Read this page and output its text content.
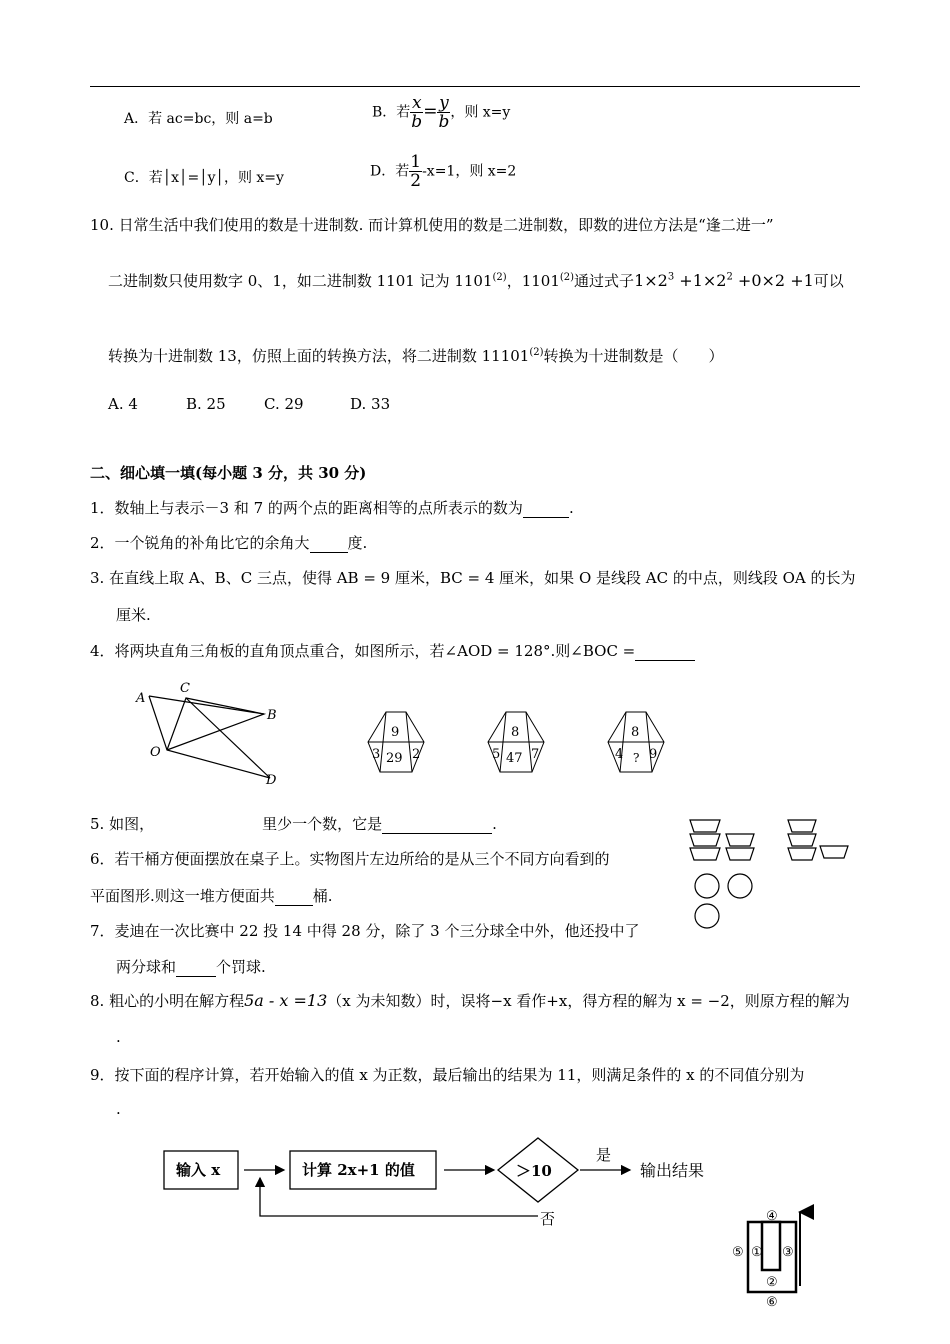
A．若 ac=bc，则 a=b	B．若 $\frac{x}{b} = \frac{y}{b}$ ，则 x=y
C．若│x│=│y│，则 x=y	D．若 $\frac{1}{2} -x=1$，则 x=2
10. 日常生活中我们使用的数是十进制数. 而计算机使用的数是二进制数，即数的进位方法是“逢二进一”
二进制数只使用数字 0、1，如二进制数 1101 记为 1101$^{(2)}$，1101$^{(2)}$通过式子$1\times 2^3 +1\times 2^2 +0\times 2 +1$可以
转换为十进制数 13，仿照上面的转换方法，将二进制数 11101$^{(2)}$转换为十进制数是（　　）
A. 4	B. 25	C. 29	D. 33
二、细心填一填(每小题 3 分，共 30 分)
1．数轴上与表示－3 和 7 的两个点的距离相等的点所表示的数为	.
2．一个锐角的补角比它的余角大	度.
3. 在直线上取 A、B、C 三点，使得 AB = 9 厘米，BC = 4 厘米，如果 O 是线段 AC 的中点，则线段 OA 的长为
厘米.
4．将两块直角三角板的直角顶点重合，如图所示，若∠AOD = 128°.则∠BOC =
A
C
B
O
D
9
3 29 2
8
5 47 7
8
4 ? 9
5. 如图，	里少一个数，它是	.
6．若干桶方便面摆放在桌子上。实物图片左边所给的是从三个不同方向看到的
平面图形.则这一堆方便面共	桶.
7．麦迪在一次比赛中 22 投 14 中得 28 分，除了 3 个三分球全中外，他还投中了
两分球和	个罚球.
8. 粗心的小明在解方程5a - x =13（x 为未知数）时，误将−x 看作+x，得方程的解为 x = −2，则原方程的解为
.
9．按下面的程序计算，若开始输入的值 x 为正数，最后输出的结果为 11，则满足条件的 x 的不同值分别为
.
输入 x	计算 2x+1 的值	＞10
是
输出结果
否	④
⑤ ① ③
②
⑥
